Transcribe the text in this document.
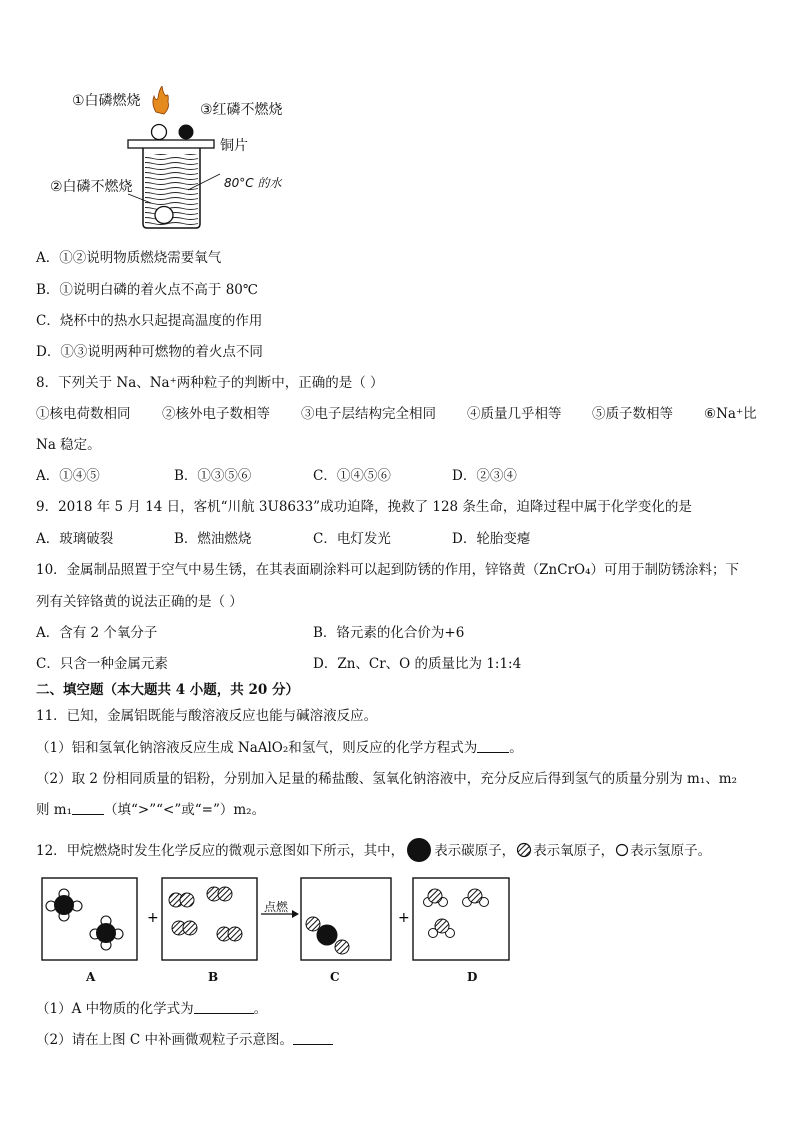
①白磷燃烧
③红磷不燃烧
铜片
②白磷不燃烧	80°C 的水
A．①②说明物质燃烧需要氧气
B．①说明白磷的着火点不高于 80℃
C．烧杯中的热水只起提高温度的作用
D．①③说明两种可燃物的着火点不同
8．下列关于 Na、Na⁺两种粒子的判断中，正确的是（ ）
①核电荷数相同 ②核外电子数相等 ③电子层结构完全相同 ④质量几乎相等 ⑤质子数相等 ⑥Na⁺比
Na 稳定。
A．①④⑤	B．①③⑤⑥	C．①④⑤⑥	D．②③④
9．2018 年 5 月 14 日，客机“川航 3U8633”成功迫降，挽救了 128 条生命，迫降过程中属于化学变化的是
A．玻璃破裂	B．燃油燃烧	C．电灯发光	D．轮胎变瘪
10．金属制品照置于空气中易生锈，在其表面刷涂料可以起到防锈的作用，锌铬黄（ZnCrO₄）可用于制防锈涂料；下
列有关锌铬黄的说法正确的是（ ）
A．含有 2 个氧分子	B．铬元素的化合价为+6
C．只含一种金属元素	D．Zn、Cr、O 的质量比为 1:1:4
二、填空题（本大题共 4 小题，共 20 分）
11．已知，金属铝既能与酸溶液反应也能与碱溶液反应。
（1）铝和氢氧化钠溶液反应生成 NaAlO₂和氢气，则反应的化学方程式为 。
（2）取 2 份相同质量的铝粉，分别加入足量的稀盐酸、氢氧化钠溶液中，充分反应后得到氢气的质量分别为 m₁、m₂
则 m₁ （填“>”“<”或“=”）m₂。
12．甲烷燃烧时发生化学反应的微观示意图如下所示，其中， 表示碳原子， 表示氧原子， 表示氢原子。
+	+
点燃
A	B	C	D
（1）A 中物质的化学式为	。
（2）请在上图 C 中补画微观粒子示意图。
